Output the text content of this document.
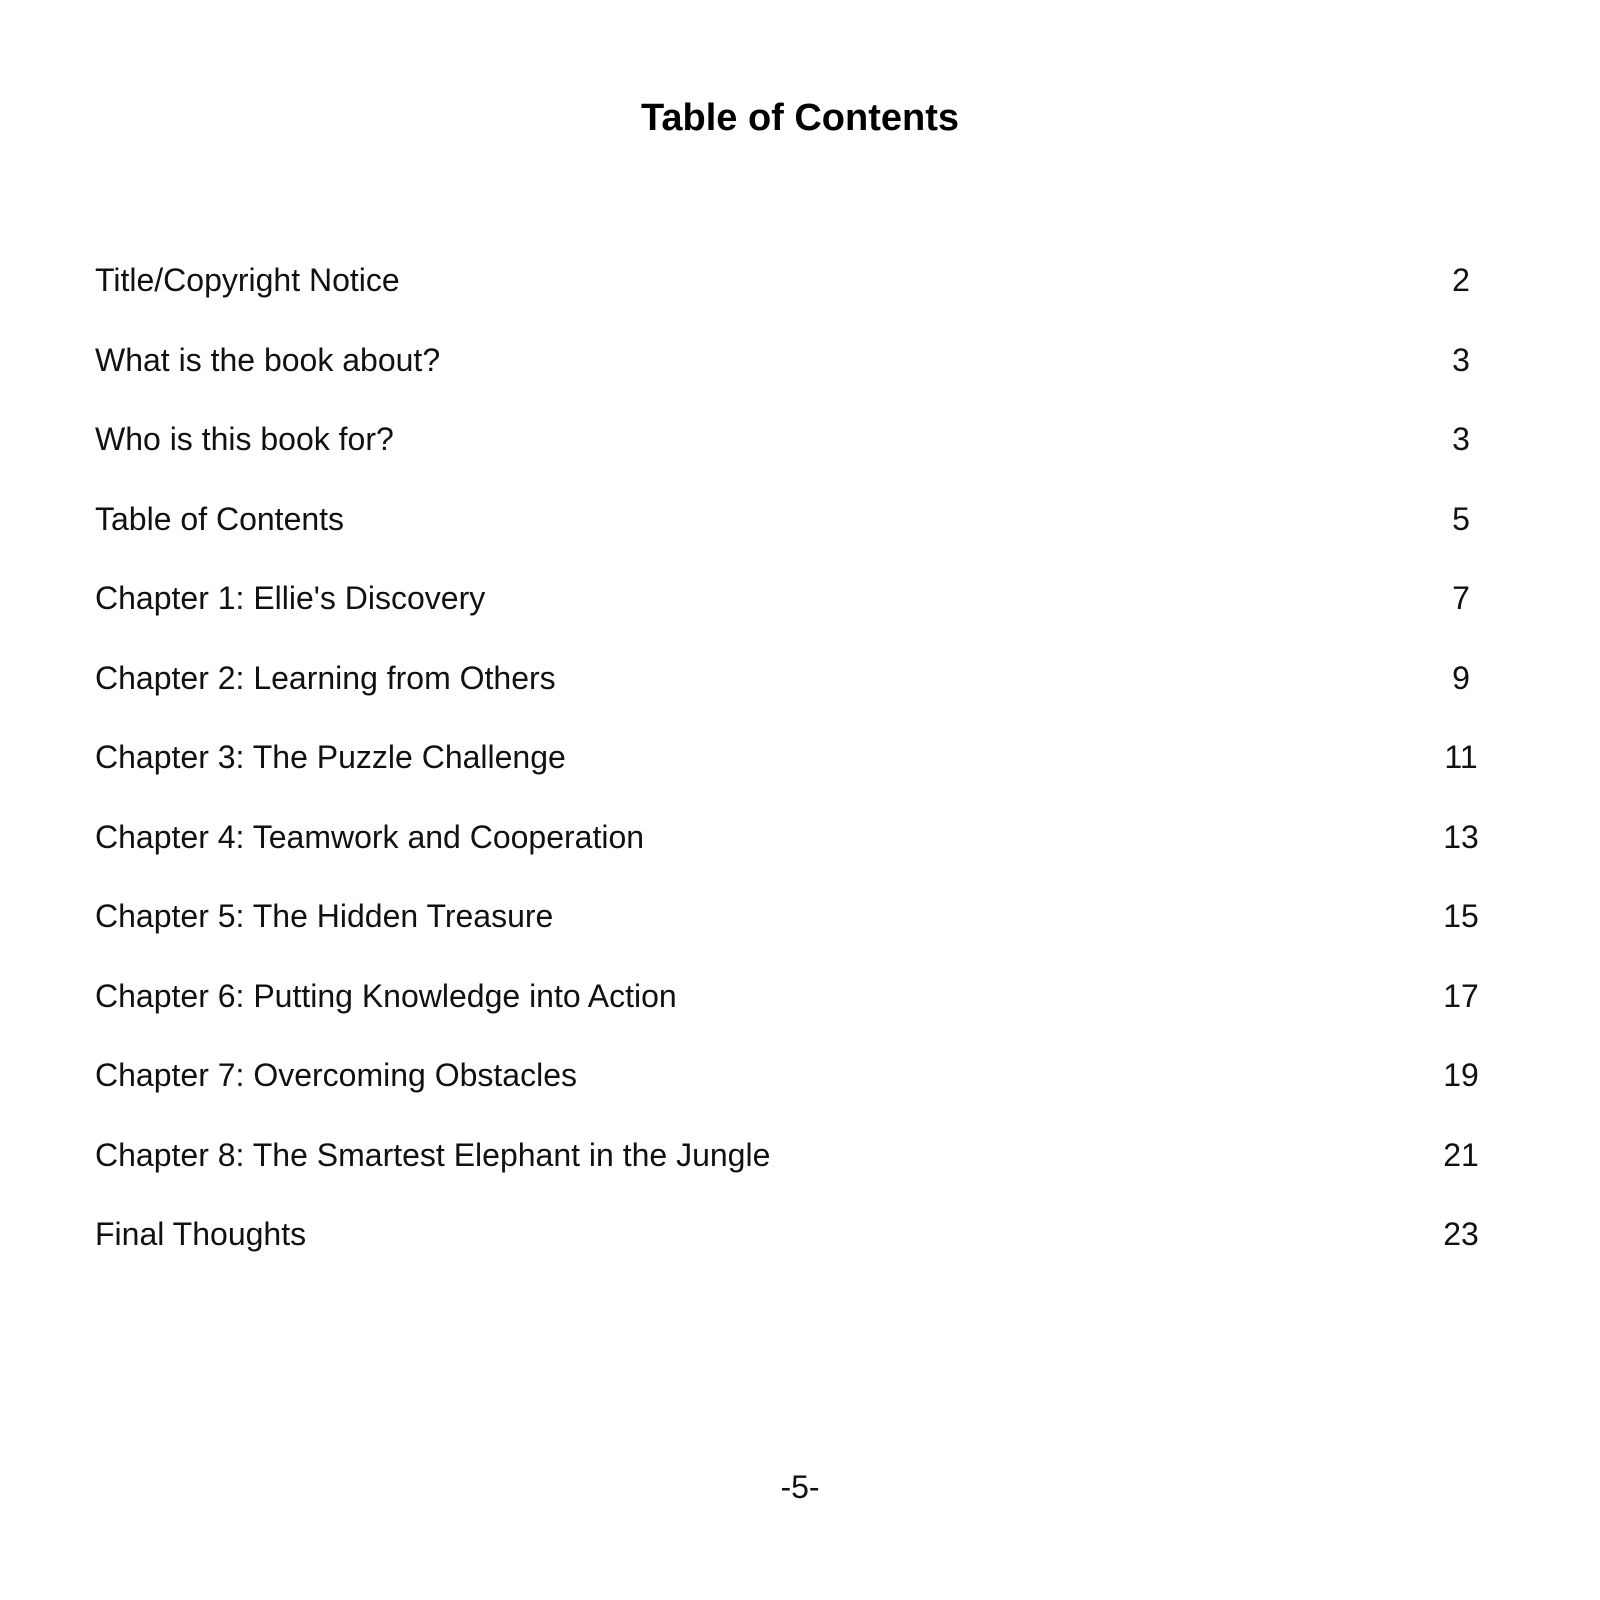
Table of Contents
Title/Copyright Notice	2
What is the book about?	3
Who is this book for?	3
Table of Contents	5
Chapter 1: Ellie's Discovery	7
Chapter 2: Learning from Others	9
Chapter 3: The Puzzle Challenge	11
Chapter 4: Teamwork and Cooperation	13
Chapter 5: The Hidden Treasure	15
Chapter 6: Putting Knowledge into Action	17
Chapter 7: Overcoming Obstacles	19
Chapter 8: The Smartest Elephant in the Jungle	21
Final Thoughts	23
-5-
